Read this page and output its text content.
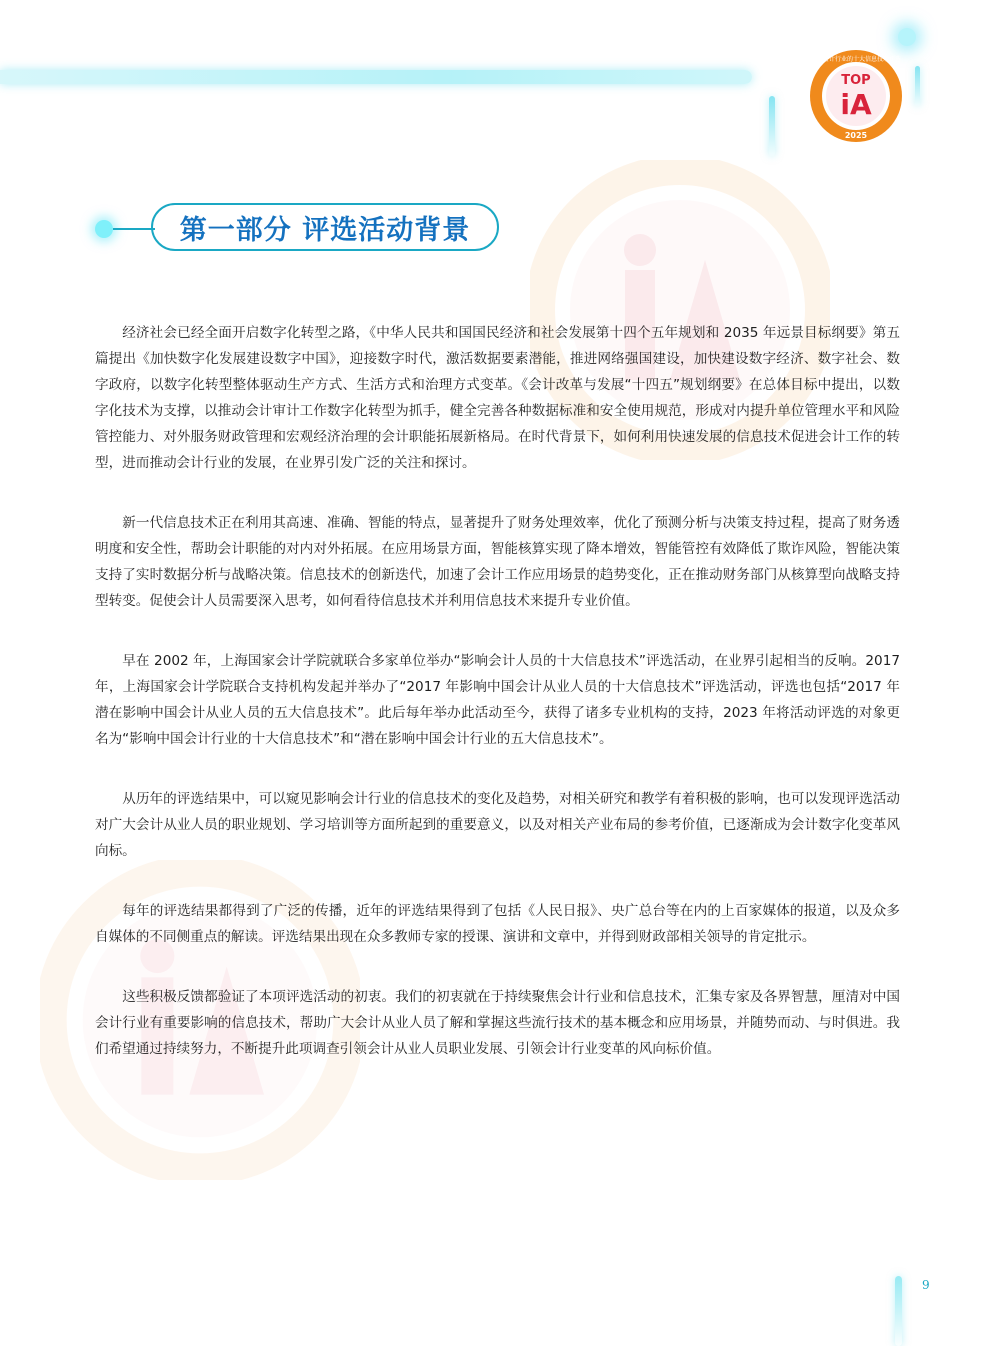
TOP
iA
2025
影响会计行业的十大信息技术评选
第一部分 评选活动背景

经济社会已经全面开启数字化转型之路，《中华人民共和国国民经济和社会发展第十四个五年规划和 2035 年远景目标纲要》第五篇提出《加快数字化发展建设数字中国》，迎接数字时代，激活数据要素潜能，推进网络强国建设，加快建设数字经济、数字社会、数字政府，以数字化转型整体驱动生产方式、生活方式和治理方式变革。《会计改革与发展“十四五”规划纲要》在总体目标中提出，以数字化技术为支撑，以推动会计审计工作数字化转型为抓手，健全完善各种数据标准和安全使用规范，形成对内提升单位管理水平和风险管控能力、对外服务财政管理和宏观经济治理的会计职能拓展新格局。在时代背景下，如何利用快速发展的信息技术促进会计工作的转型，进而推动会计行业的发展，在业界引发广泛的关注和探讨。

新一代信息技术正在利用其高速、准确、智能的特点，显著提升了财务处理效率，优化了预测分析与决策支持过程，提高了财务透明度和安全性，帮助会计职能的对内对外拓展。在应用场景方面，智能核算实现了降本增效，智能管控有效降低了欺诈风险，智能决策支持了实时数据分析与战略决策。信息技术的创新迭代，加速了会计工作应用场景的趋势变化，正在推动财务部门从核算型向战略支持型转变。促使会计人员需要深入思考，如何看待信息技术并利用信息技术来提升专业价值。

早在 2002 年，上海国家会计学院就联合多家单位举办“影响会计人员的十大信息技术”评选活动，在业界引起相当的反响。2017 年，上海国家会计学院联合支持机构发起并举办了“2017 年影响中国会计从业人员的十大信息技术”评选活动，评选也包括“2017 年潜在影响中国会计从业人员的五大信息技术”。此后每年举办此活动至今，获得了诸多专业机构的支持，2023 年将活动评选的对象更名为“影响中国会计行业的十大信息技术”和“潜在影响中国会计行业的五大信息技术”。

从历年的评选结果中，可以窥见影响会计行业的信息技术的变化及趋势，对相关研究和教学有着积极的影响，也可以发现评选活动对广大会计从业人员的职业规划、学习培训等方面所起到的重要意义，以及对相关产业布局的参考价值，已逐渐成为会计数字化变革风向标。

每年的评选结果都得到了广泛的传播，近年的评选结果得到了包括《人民日报》、央广总台等在内的上百家媒体的报道，以及众多自媒体的不同侧重点的解读。评选结果出现在众多教师专家的授课、演讲和文章中，并得到财政部相关领导的肯定批示。

这些积极反馈都验证了本项评选活动的初衷。我们的初衷就在于持续聚焦会计行业和信息技术，汇集专家及各界智慧，厘清对中国会计行业有重要影响的信息技术，帮助广大会计从业人员了解和掌握这些流行技术的基本概念和应用场景，并随势而动、与时俱进。我们希望通过持续努力，不断提升此项调查引领会计从业人员职业发展、引领会计行业变革的风向标价值。

9
